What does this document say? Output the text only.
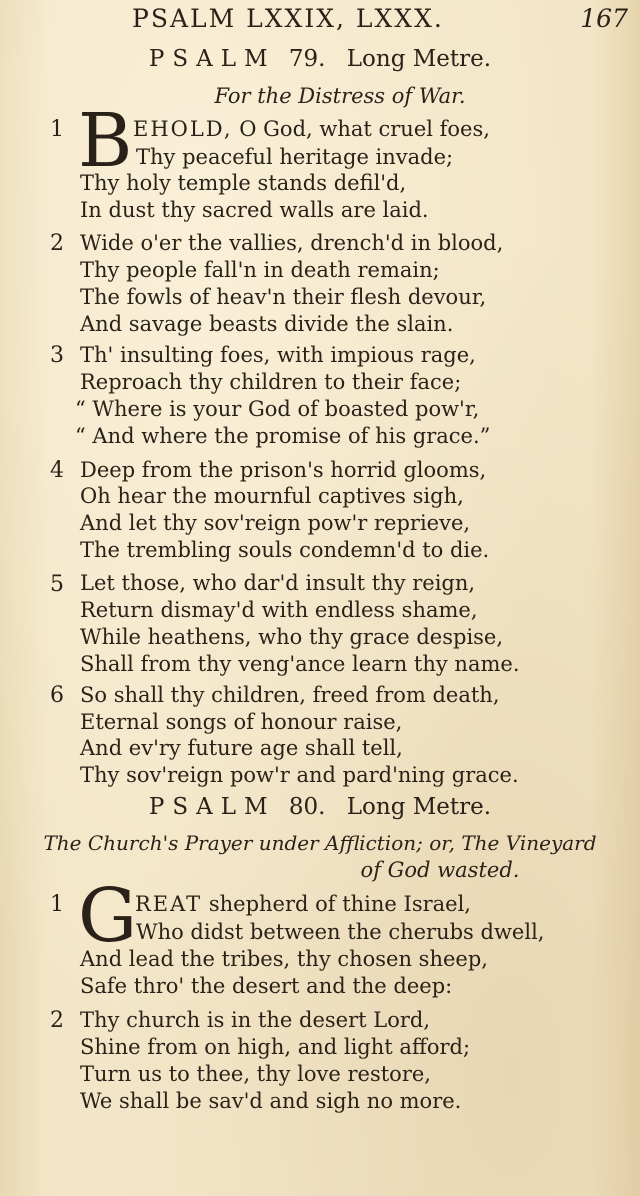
PSALM LXXIX, LXXX.	167
PSALM 79. Long Metre.
For the Distress of War.
1 B EHOLD, O God, what cruel foes,
Thy peaceful heritage invade;
Thy holy temple stands defil'd,
In dust thy sacred walls are laid.
2 Wide o'er the vallies, drench'd in blood,
Thy people fall'n in death remain;
The fowls of heav'n their flesh devour,
And savage beasts divide the slain.
3 Th' insulting foes, with impious rage,
Reproach thy children to their face;
“ Where is your God of boasted pow'r,
“ And where the promise of his grace.”
4 Deep from the prison's horrid glooms,
Oh hear the mournful captives sigh,
And let thy sov'reign pow'r reprieve,
The trembling souls condemn'd to die.
5 Let those, who dar'd insult thy reign,
Return dismay'd with endless shame,
While heathens, who thy grace despise,
Shall from thy veng'ance learn thy name.
6 So shall thy children, freed from death,
Eternal songs of honour raise,
And ev'ry future age shall tell,
Thy sov'reign pow'r and pard'ning grace.
PSALM 80. Long Metre.
The Church's Prayer under Affliction; or, The Vineyard
of God wasted.
1 G
REAT shepherd of thine Israel,
Who didst between the cherubs dwell,
And lead the tribes, thy chosen sheep,
Safe thro' the desert and the deep:
2 Thy church is in the desert Lord,
Shine from on high, and light afford;
Turn us to thee, thy love restore,
We shall be sav'd and sigh no more.
